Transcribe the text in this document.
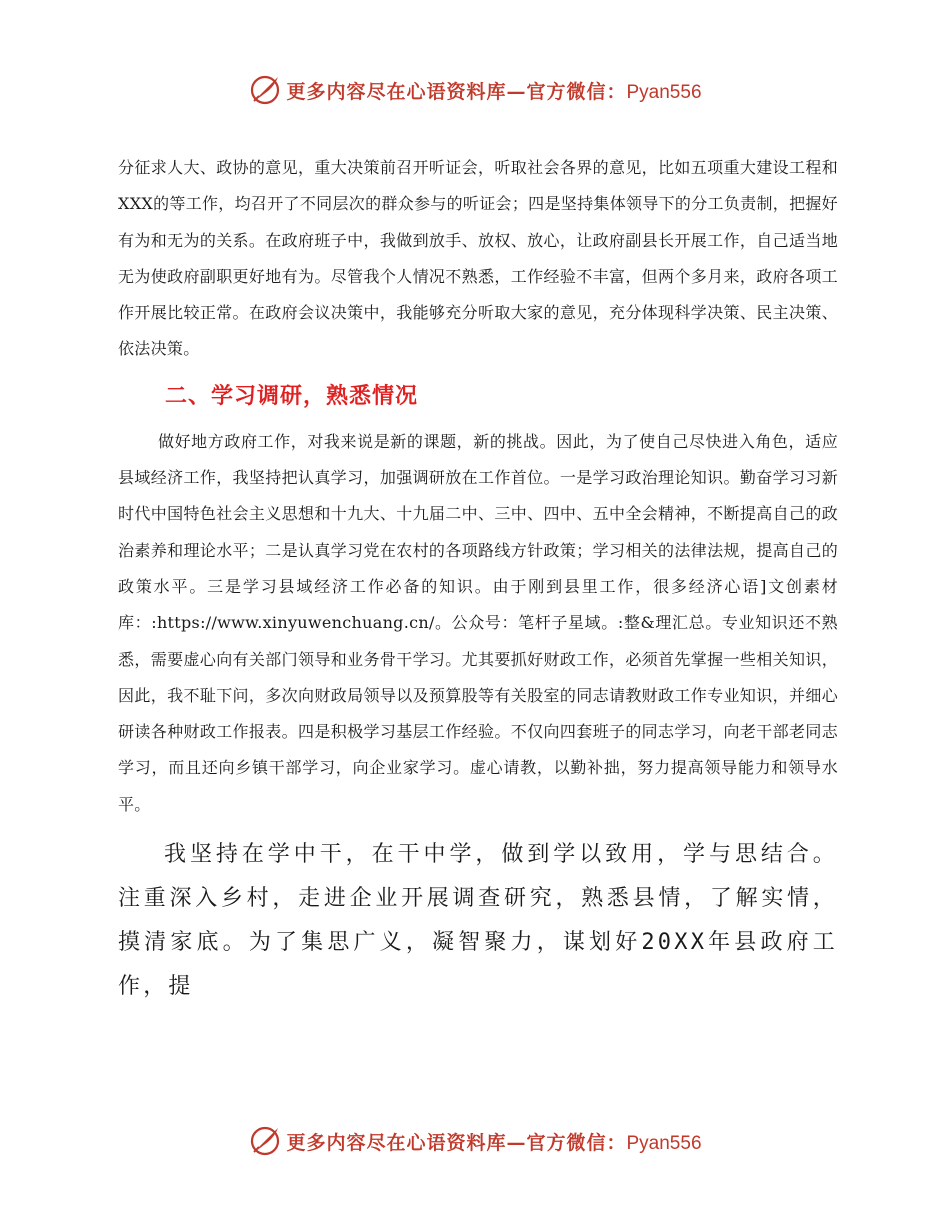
更多内容尽在心语资料库—官方微信：Pyan556

分征求人大、政协的意见，重大决策前召开听证会，听取社会各界的意见，比如五项重大建设工程和XXX的等工作，均召开了不同层次的群众参与的听证会；四是坚持集体领导下的分工负责制，把握好有为和无为的关系。在政府班子中，我做到放手、放权、放心，让政府副县长开展工作，自己适当地无为使政府副职更好地有为。尽管我个人情况不熟悉，工作经验不丰富，但两个多月来，政府各项工作开展比较正常。在政府会议决策中，我能够充分听取大家的意见，充分体现科学决策、民主决策、依法决策。

二、学习调研，熟悉情况

做好地方政府工作，对我来说是新的课题，新的挑战。因此，为了使自己尽快进入角色，适应县域经济工作，我坚持把认真学习，加强调研放在工作首位。一是学习政治理论知识。勤奋学习习新时代中国特色社会主义思想和十九大、十九届二中、三中、四中、五中全会精神，不断提高自己的政治素养和理论水平；二是认真学习党在农村的各项路线方针政策；学习相关的法律法规，提高自己的政策水平。三是学习县域经济工作必备的知识。由于刚到县里工作，很多经济心语]文创素材库：:https://www.xinyuwenchuang.cn/。公众号：笔杆子星域。:整&理汇总。专业知识还不熟悉，需要虚心向有关部门领导和业务骨干学习。尤其要抓好财政工作，必须首先掌握一些相关知识，因此，我不耻下问，多次向财政局领导以及预算股等有关股室的同志请教财政工作专业知识，并细心研读各种财政工作报表。四是积极学习基层工作经验。不仅向四套班子的同志学习，向老干部老同志学习，而且还向乡镇干部学习，向企业家学习。虚心请教，以勤补拙，努力提高领导能力和领导水平。

我坚持在学中干，在干中学，做到学以致用，学与思结合。注重深入乡村，走进企业开展调查研究，熟悉县情，了解实情，摸清家底。为了集思广义，凝智聚力，谋划好20XX年县政府工作，提

更多内容尽在心语资料库—官方微信：Pyan556
